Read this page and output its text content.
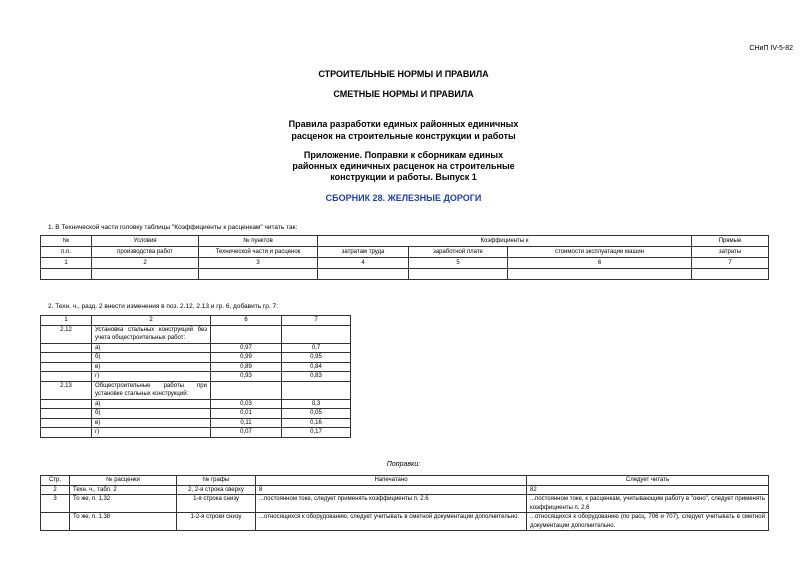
СНиП IV-5-82
СТРОИТЕЛЬНЫЕ НОРМЫ И ПРАВИЛА
СМЕТНЫЕ НОРМЫ И ПРАВИЛА
Правила разработки единых районных единичных
расценок на строительные конструкции и работы
Приложение. Поправки к сборникам единых
районных единичных расценок на строительные
конструкции и работы. Выпуск 1
СБОРНИК 28. ЖЕЛЕЗНЫЕ ДОРОГИ
1. В Технической части головку таблицы "Коэффициенты к расценкам" читать так:
№	Условия	№ пунктов	Коэффициенты к			Прямые
п.п.	производства работ	Технической части и расценок	затратам труда	заработной плате	стоимости эксплуатации машин	затраты
1	2	3	4	5	6	7

2. Техн. ч., разд. 2 внести изменения в поз. 2.12, 2.13 и гр. 6, добавить гр. 7:
1	2	6	7
2.12	Установка стальных конструкций без учета общестроительных работ:		
	а)	0,97	0,7
	б)	0,99	0,95
	в)	0,89	0,84
	г)	0,93	0,83
2.13	Общестроительные работы при установке стальных конструкций:		
	а)	0,03	0,3
	б)	0,01	0,05
	в)	0,11	0,16
	г)	0,07	0,17
Поправки:
Стр.	№ расценки	№ графы	Напечатано	Следует читать
2	Техн. ч., табл. 2	2, 2-я строка сверху	8	82
3	То же, п. 1.32	1-я строка снизу	...постоянном токе, следует применять коэффициенты п. 2.6	...постоянном токе, к расценкам, учитывающим работу в "окно", следует применять коэффициенты п. 2.6
	То же, п. 1.38	1-2-я строки снизу	...относящихся к оборудованию, следует учитывать в сметной документации дополнительно.	...относящихся к оборудованию (по расц. 706 и 707), следует учитывать в сметной документации дополнительно.
